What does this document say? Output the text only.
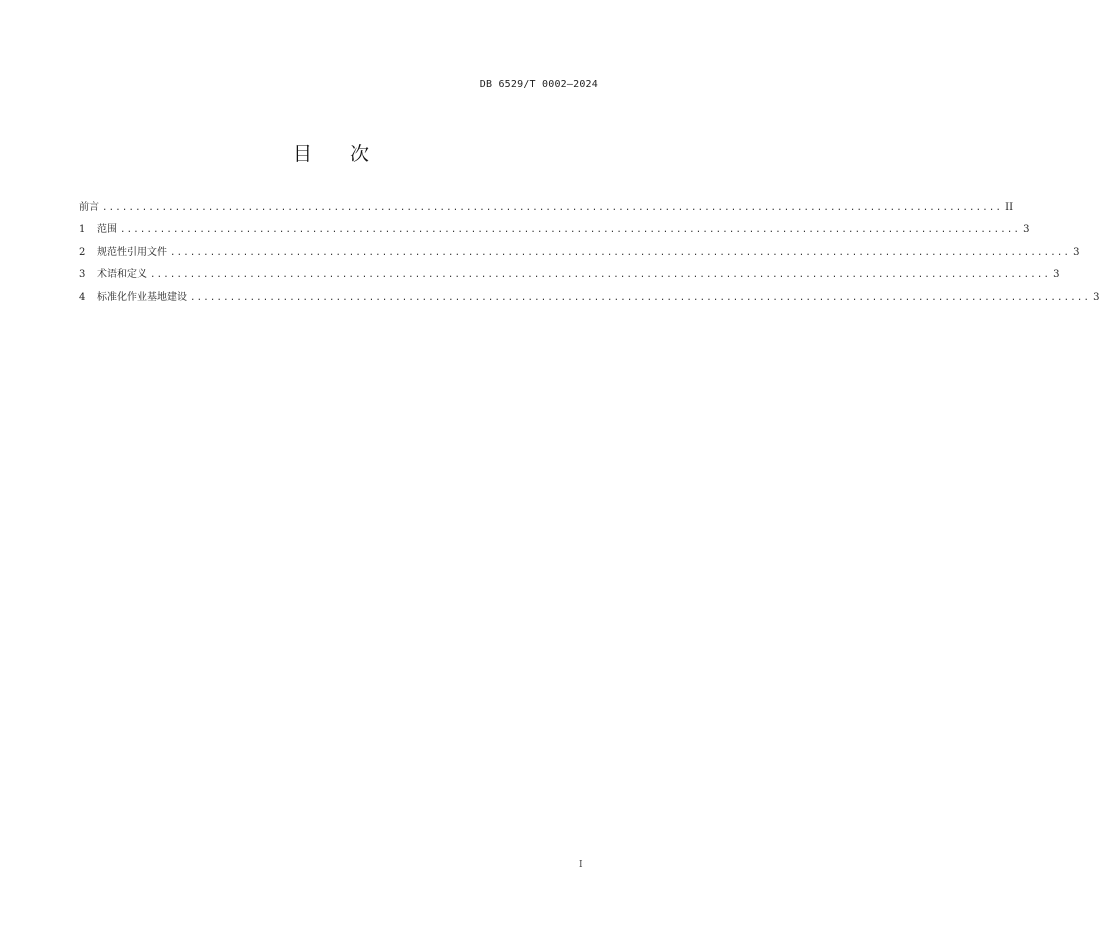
DB 6529/T 0002—2024
目 次
前言 ........................................................................................................................................ II
1	范围 ........................................................................................................................................ 3
2	规范性引用文件 ........................................................................................................................................ 3
3	术语和定义 ........................................................................................................................................ 3
4	标准化作业基地建设 ........................................................................................................................................ 3
I
